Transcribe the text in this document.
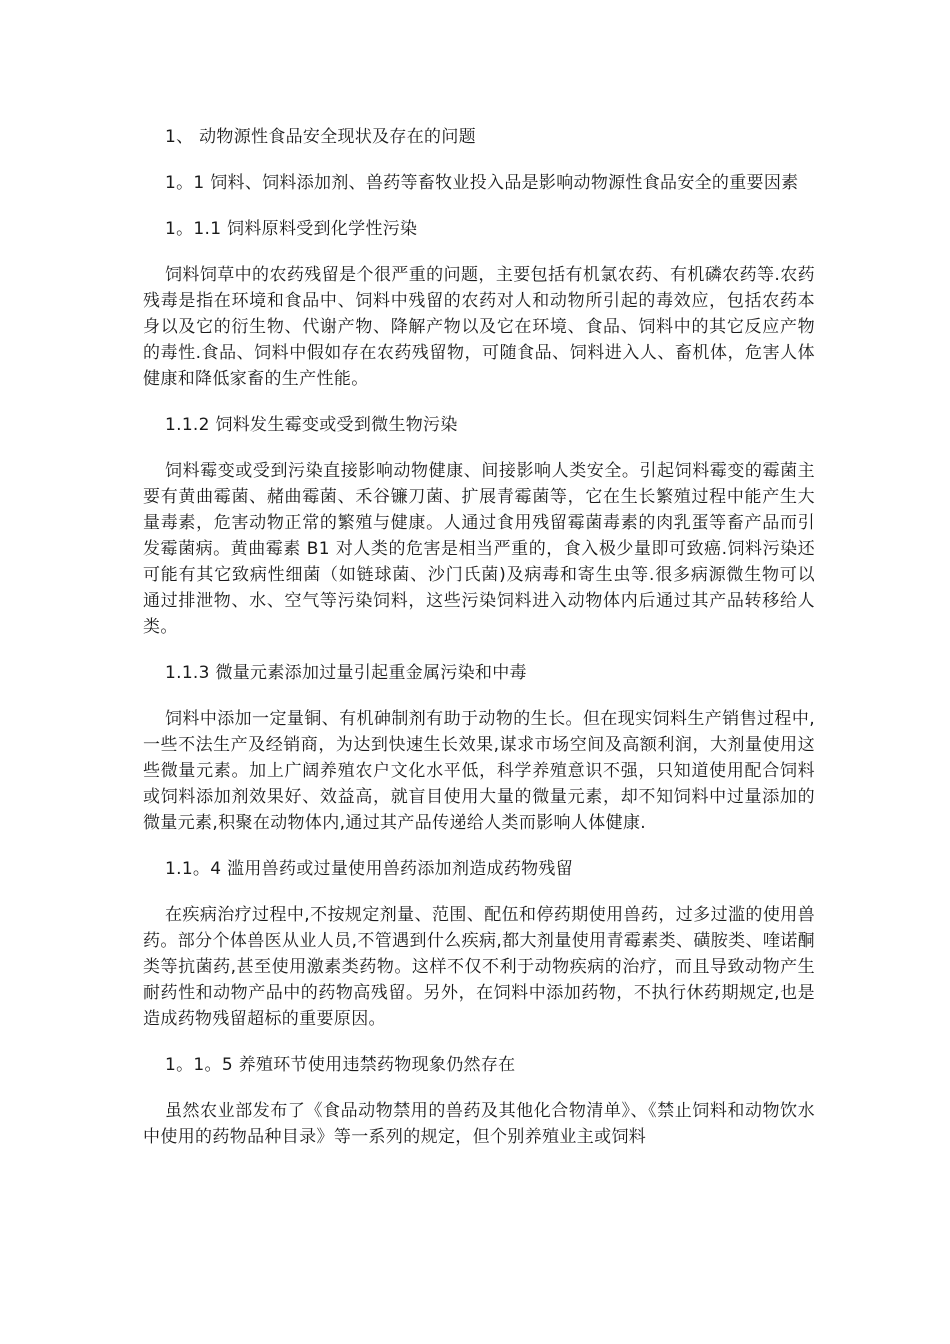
1、 动物源性食品安全现状及存在的问题
1。1 饲料、饲料添加剂、兽药等畜牧业投入品是影响动物源性食品安全的重要因素
1。1.1 饲料原料受到化学性污染
饲料饲草中的农药残留是个很严重的问题，主要包括有机氯农药、有机磷农药等.农药残毒是指在环境和食品中、饲料中残留的农药对人和动物所引起的毒效应，包括农药本身以及它的衍生物、代谢产物、降解产物以及它在环境、食品、饲料中的其它反应产物的毒性.食品、饲料中假如存在农药残留物，可随食品、饲料进入人、畜机体，危害人体健康和降低家畜的生产性能。
1.1.2 饲料发生霉变或受到微生物污染
饲料霉变或受到污染直接影响动物健康、间接影响人类安全。引起饲料霉变的霉菌主要有黄曲霉菌、赭曲霉菌、禾谷镰刀菌、扩展青霉菌等，它在生长繁殖过程中能产生大量毒素，危害动物正常的繁殖与健康。人通过食用残留霉菌毒素的肉乳蛋等畜产品而引发霉菌病。黄曲霉素 B1 对人类的危害是相当严重的，食入极少量即可致癌.饲料污染还可能有其它致病性细菌（如链球菌、沙门氏菌)及病毒和寄生虫等.很多病源微生物可以通过排泄物、水、空气等污染饲料，这些污染饲料进入动物体内后通过其产品转移给人类。
1.1.3 微量元素添加过量引起重金属污染和中毒
饲料中添加一定量铜、有机砷制剂有助于动物的生长。但在现实饲料生产销售过程中,一些不法生产及经销商，为达到快速生长效果,谋求市场空间及高额利润，大剂量使用这些微量元素。加上广阔养殖农户文化水平低，科学养殖意识不强，只知道使用配合饲料或饲料添加剂效果好、效益高，就盲目使用大量的微量元素，却不知饲料中过量添加的微量元素,积聚在动物体内,通过其产品传递给人类而影响人体健康.
1.1。4 滥用兽药或过量使用兽药添加剂造成药物残留
在疾病治疗过程中,不按规定剂量、范围、配伍和停药期使用兽药，过多过滥的使用兽药。部分个体兽医从业人员,不管遇到什么疾病,都大剂量使用青霉素类、磺胺类、喹诺酮类等抗菌药,甚至使用激素类药物。这样不仅不利于动物疾病的治疗，而且导致动物产生耐药性和动物产品中的药物高残留。另外，在饲料中添加药物，不执行休药期规定,也是造成药物残留超标的重要原因。
1。1。5 养殖环节使用违禁药物现象仍然存在
虽然农业部发布了《食品动物禁用的兽药及其他化合物清单》、《禁止饲料和动物饮水中使用的药物品种目录》等一系列的规定，但个别养殖业主或饲料
